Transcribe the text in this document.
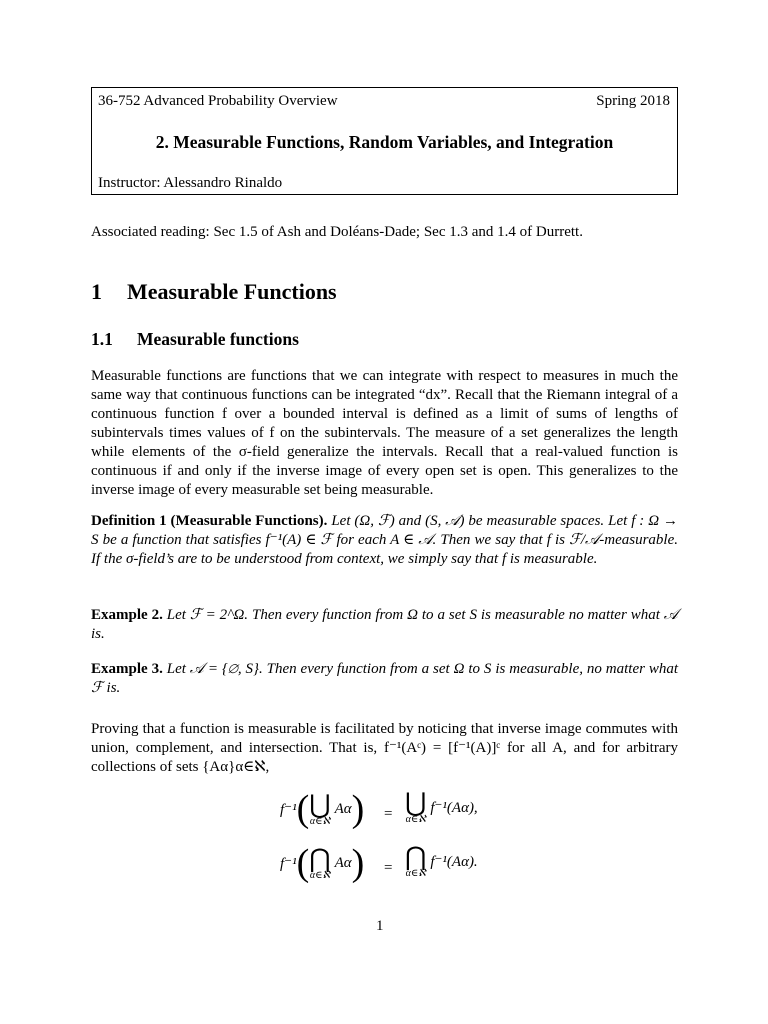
36-752 Advanced Probability Overview	Spring 2018
2. Measurable Functions, Random Variables, and Integration
Instructor: Alessandro Rinaldo
Associated reading: Sec 1.5 of Ash and Doléans-Dade; Sec 1.3 and 1.4 of Durrett.
1 Measurable Functions
1.1 Measurable functions
Measurable functions are functions that we can integrate with respect to measures in much the same way that continuous functions can be integrated “dx”. Recall that the Riemann integral of a continuous function f over a bounded interval is defined as a limit of sums of lengths of subintervals times values of f on the subintervals. The measure of a set generalizes the length while elements of the σ-field generalize the intervals. Recall that a real-valued function is continuous if and only if the inverse image of every open set is open. This generalizes to the inverse image of every measurable set being measurable.
Definition 1 (Measurable Functions). Let (Ω, ℱ) and (S, 𝒜) be measurable spaces. Let f : Ω → S be a function that satisfies f⁻¹(A) ∈ ℱ for each A ∈ 𝒜. Then we say that f is ℱ/𝒜-measurable. If the σ-field’s are to be understood from context, we simply say that f is measurable.
Example 2. Let ℱ = 2^Ω. Then every function from Ω to a set S is measurable no matter what 𝒜 is.
Example 3. Let 𝒜 = {∅, S}. Then every function from a set Ω to S is measurable, no matter what ℱ is.
Proving that a function is measurable is facilitated by noticing that inverse image commutes with union, complement, and intersection. That is, f⁻¹(Aᶜ) = [f⁻¹(A)]ᶜ for all A, and for arbitrary collections of sets {Aα}α∈ℵ,
f⁻¹ ( ⋃
α∈ℵ
Aα ) = ⋃
α∈ℵ
f⁻¹(Aα),
f⁻¹ ( ⋂
α∈ℵ
Aα ) = ⋂
α∈ℵ
f⁻¹(Aα).
1
